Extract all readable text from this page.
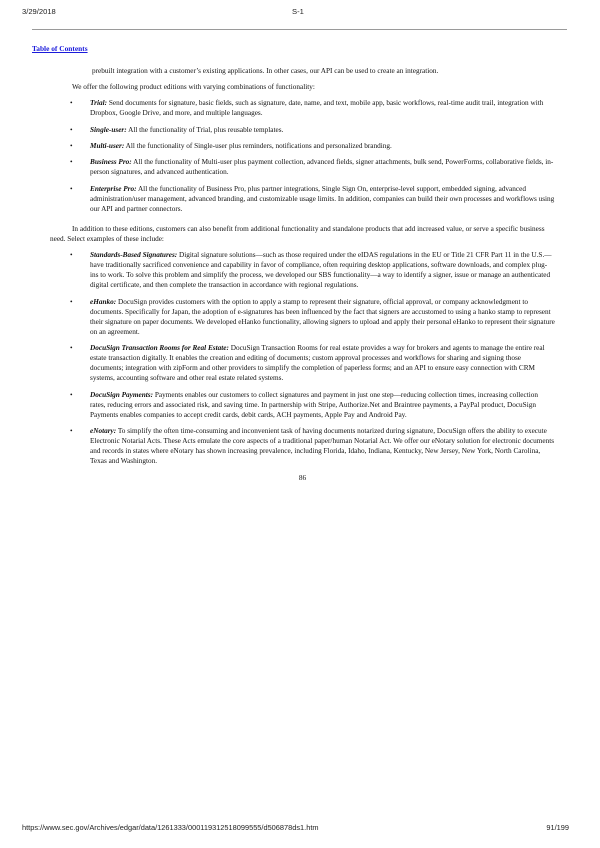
3/29/2018	S-1
Table of Contents

prebuilt integration with a customer’s existing applications. In other cases, our API can be used to create an integration.

We offer the following product editions with varying combinations of functionality:

• Trial: Send documents for signature, basic fields, such as signature, date, name, and text, mobile app, basic workflows, real-time audit trail, integration with Dropbox, Google Drive, and more, and multiple languages.
• Single-user: All the functionality of Trial, plus reusable templates.
• Multi-user: All the functionality of Single-user plus reminders, notifications and personalized branding.
• Business Pro: All the functionality of Multi-user plus payment collection, advanced fields, signer attachments, bulk send, PowerForms, collaborative fields, in-person signatures, and advanced authentication.
• Enterprise Pro: All the functionality of Business Pro, plus partner integrations, Single Sign On, enterprise-level support, embedded signing, advanced administration/user management, advanced branding, and customizable usage limits. In addition, companies can build their own processes and workflows using our API and partner connectors.

In addition to these editions, customers can also benefit from additional functionality and standalone products that add increased value, or serve a specific business need. Select examples of these include:

• Standards-Based Signatures: Digital signature solutions—such as those required under the eIDAS regulations in the EU or Title 21 CFR Part 11 in the U.S.—have traditionally sacrificed convenience and capability in favor of compliance, often requiring desktop applications, software downloads, and complex plug-ins to work. To solve this problem and simplify the process, we developed our SBS functionality—a way to identify a signer, issue or manage an authenticated digital certificate, and then complete the transaction in accordance with regional regulations.
• eHanko: DocuSign provides customers with the option to apply a stamp to represent their signature, official approval, or company acknowledgment to documents. Specifically for Japan, the adoption of e-signatures has been influenced by the fact that signers are accustomed to using a hanko stamp to represent their signature on paper documents. We developed eHanko functionality, allowing signers to upload and apply their personal eHanko to represent their signature on an agreement.
• DocuSign Transaction Rooms for Real Estate: DocuSign Transaction Rooms for real estate provides a way for brokers and agents to manage the entire real estate transaction digitally. It enables the creation and editing of documents; custom approval processes and workflows for sharing and signing those documents; integration with zipForm and other providers to simplify the completion of paperless forms; and an API to ensure easy connection with CRM systems, accounting software and other real estate related systems.
• DocuSign Payments: Payments enables our customers to collect signatures and payment in just one step—reducing collection times, increasing collection rates, reducing errors and associated risk, and saving time. In partnership with Stripe, Authorize.Net and Braintree payments, a PayPal product, DocuSign Payments enables companies to accept credit cards, debit cards, ACH payments, Apple Pay and Android Pay.
• eNotary: To simplify the often time-consuming and inconvenient task of having documents notarized during signature, DocuSign offers the ability to execute Electronic Notarial Acts. These Acts emulate the core aspects of a traditional paper/human Notarial Act. We offer our eNotary solution for electronic documents and records in states where eNotary has shown increasing prevalence, including Florida, Idaho, Indiana, Kentucky, New Jersey, New York, North Carolina, Texas and Washington.
86
https://www.sec.gov/Archives/edgar/data/1261333/000119312518099555/d506878ds1.htm	91/199
